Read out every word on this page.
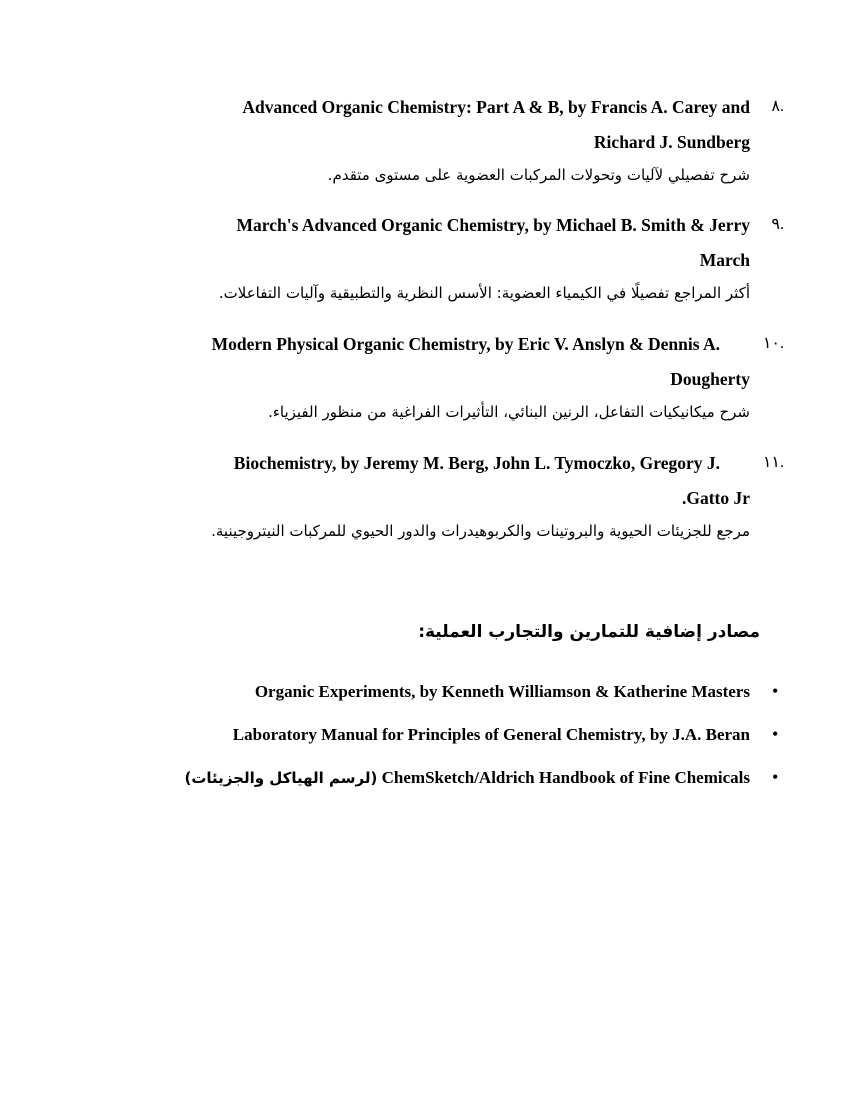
.٨

Advanced Organic Chemistry: Part A & B, by Francis A. Carey and

Richard J. Sundberg

شرح تفصيلي لآليات وتحولات المركبات العضوية على مستوى متقدم.

.٩

March's Advanced Organic Chemistry, by Michael B. Smith & Jerry

March

أكثر المراجع تفصيلًا في الكيمياء العضوية: الأسس النظرية والتطبيقية وآليات التفاعلات.

.١٠

Modern Physical Organic Chemistry, by Eric V. Anslyn & Dennis A.

Dougherty

شرح ميكانيكيات التفاعل، الرنين البنائي، التأثيرات الفراغية من منظور الفيزياء.

.١١

Biochemistry, by Jeremy M. Berg, John L. Tymoczko, Gregory J.

.Gatto Jr

مرجع للجزيئات الحيوية والبروتينات والكربوهيدرات والدور الحيوي للمركبات النيتروجينية.

مصادر إضافية للتمارين والتجارب العملية:
•
Organic Experiments, by Kenneth Williamson & Katherine Masters
•
Laboratory Manual for Principles of General Chemistry, by J.A. Beran
•
(لرسم الهياكل والجزيئات) ChemSketch/Aldrich Handbook of Fine Chemicals
